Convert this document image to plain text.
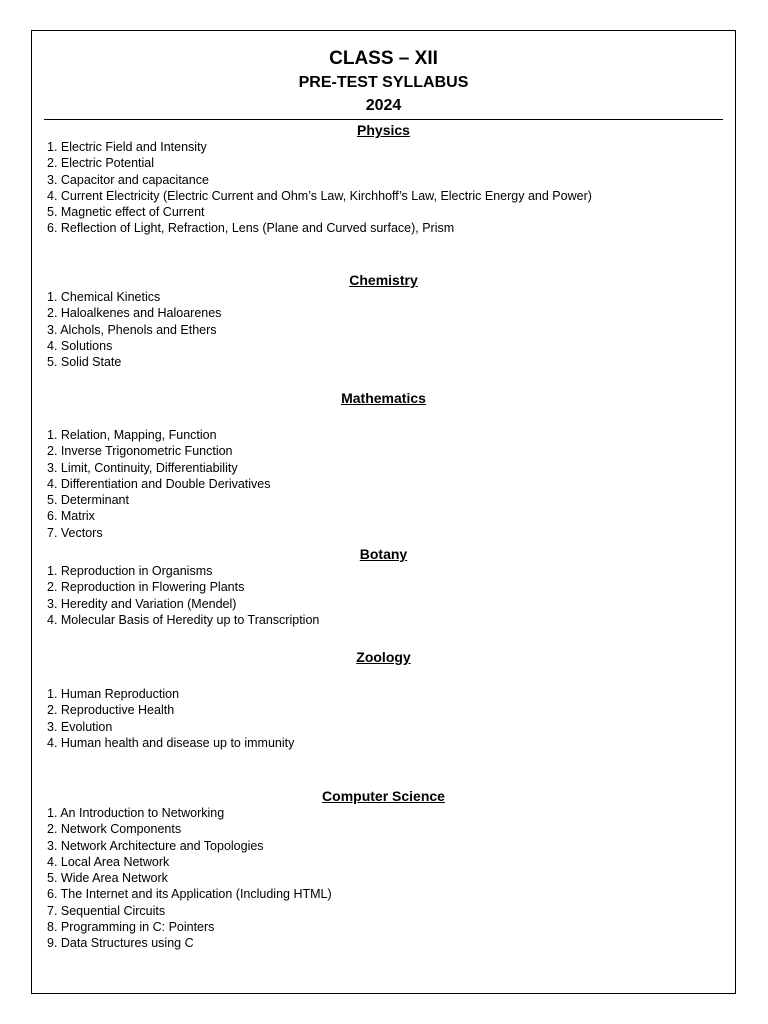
CLASS – XII
PRE-TEST SYLLABUS
2024
Physics
1. Electric Field and Intensity
2. Electric Potential
3. Capacitor and capacitance
4. Current Electricity (Electric Current and Ohm’s Law, Kirchhoff’s Law, Electric Energy and Power)
5. Magnetic effect of Current
6. Reflection of Light, Refraction, Lens (Plane and Curved surface), Prism
Chemistry
1. Chemical Kinetics
2. Haloalkenes and Haloarenes
3. Alchols, Phenols and Ethers
4. Solutions
5. Solid State
Mathematics
1. Relation, Mapping, Function
2. Inverse Trigonometric Function
3. Limit, Continuity, Differentiability
4. Differentiation and Double Derivatives
5. Determinant
6. Matrix
7. Vectors
Botany
1. Reproduction in Organisms
2. Reproduction in Flowering Plants
3. Heredity and Variation (Mendel)
4. Molecular Basis of Heredity up to Transcription
Zoology
1. Human Reproduction
2. Reproductive Health
3. Evolution
4. Human health and disease up to immunity
Computer Science
1. An Introduction to Networking
2. Network Components
3. Network Architecture and Topologies
4. Local Area Network
5. Wide Area Network
6. The Internet and its Application (Including HTML)
7. Sequential Circuits
8. Programming in C: Pointers
9. Data Structures using C
